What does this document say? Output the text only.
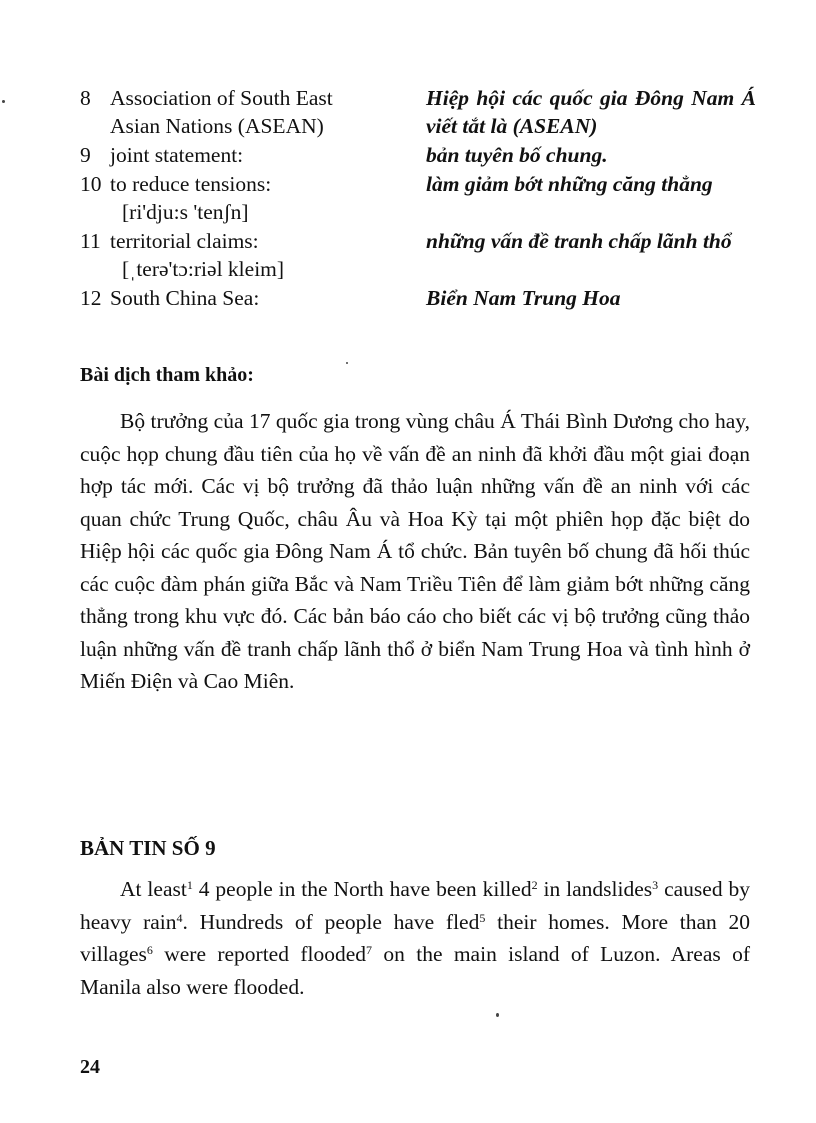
8 Association of South East
Asian Nations (ASEAN)
Hiệp hội các quốc gia Đông Nam Á viết tắt là (ASEAN)
9 joint statement:	bản tuyên bố chung.
10 to reduce tensions:
[ri'dju:s 'tenʃn]
làm giảm bớt những căng thẳng
11 territorial claims:
[ˌterə'tɔ:riəl kleim]
những vấn đề tranh chấp lãnh thổ
12 South China Sea:	Biển Nam Trung Hoa
Bài dịch tham khảo:

Bộ trưởng của 17 quốc gia trong vùng châu Á Thái Bình Dương cho hay, cuộc họp chung đầu tiên của họ về vấn đề an ninh đã khởi đầu một giai đoạn hợp tác mới. Các vị bộ trưởng đã thảo luận những vấn đề an ninh với các quan chức Trung Quốc, châu Âu và Hoa Kỳ tại một phiên họp đặc biệt do Hiệp hội các quốc gia Đông Nam Á tổ chức. Bản tuyên bố chung đã hối thúc các cuộc đàm phán giữa Bắc và Nam Triều Tiên để làm giảm bớt những căng thẳng trong khu vực đó. Các bản báo cáo cho biết các vị bộ trưởng cũng thảo luận những vấn đề tranh chấp lãnh thổ ở biển Nam Trung Hoa và tình hình ở Miến Điện và Cao Miên.

BẢN TIN SỐ 9

At least$^1$ 4 people in the North have been killed$^2$ in landslides$^3$ caused by heavy rain$^4$. Hundreds of people have fled$^5$ their homes. More than 20 villages$^6$ were reported flooded$^7$ on the main island of Luzon. Areas of Manila also were flooded.

24
